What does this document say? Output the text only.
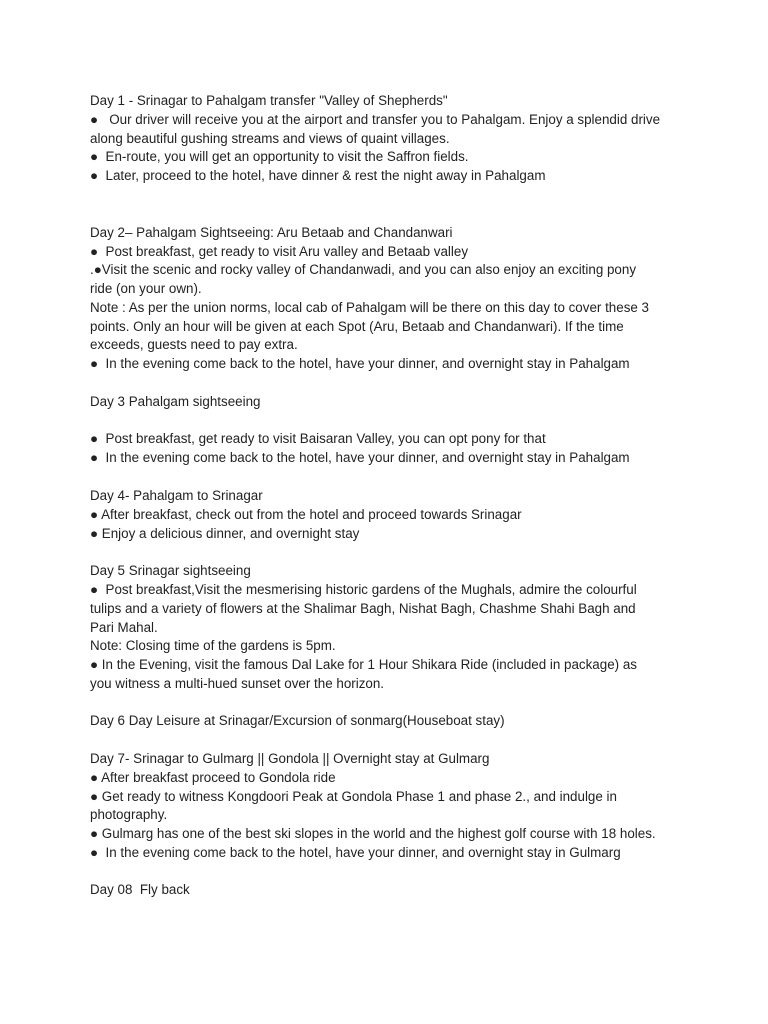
Day 1 - Srinagar to Pahalgam transfer "Valley of Shepherds"
●   Our driver will receive you at the airport and transfer you to Pahalgam. Enjoy a splendid drive
along beautiful gushing streams and views of quaint villages.
●  En-route, you will get an opportunity to visit the Saffron fields.
●  Later, proceed to the hotel, have dinner & rest the night away in Pahalgam
Day 2– Pahalgam Sightseeing: Aru Betaab and Chandanwari
●  Post breakfast, get ready to visit Aru valley and Betaab valley
.●Visit the scenic and rocky valley of Chandanwadi, and you can also enjoy an exciting pony
ride (on your own).
Note : As per the union norms, local cab of Pahalgam will be there on this day to cover these 3
points. Only an hour will be given at each Spot (Aru, Betaab and Chandanwari). If the time
exceeds, guests need to pay extra.
●  In the evening come back to the hotel, have your dinner, and overnight stay in Pahalgam
Day 3 Pahalgam sightseeing
●  Post breakfast, get ready to visit Baisaran Valley, you can opt pony for that
●  In the evening come back to the hotel, have your dinner, and overnight stay in Pahalgam
Day 4- Pahalgam to Srinagar
● After breakfast, check out from the hotel and proceed towards Srinagar
● Enjoy a delicious dinner, and overnight stay
Day 5 Srinagar sightseeing
●  Post breakfast,Visit the mesmerising historic gardens of the Mughals, admire the colourful
tulips and a variety of flowers at the Shalimar Bagh, Nishat Bagh, Chashme Shahi Bagh and
Pari Mahal.
Note: Closing time of the gardens is 5pm.
● In the Evening, visit the famous Dal Lake for 1 Hour Shikara Ride (included in package) as
you witness a multi-hued sunset over the horizon.
Day 6 Day Leisure at Srinagar/Excursion of sonmarg(Houseboat stay)
Day 7- Srinagar to Gulmarg || Gondola || Overnight stay at Gulmarg
● After breakfast proceed to Gondola ride
● Get ready to witness Kongdoori Peak at Gondola Phase 1 and phase 2., and indulge in
photography.
● Gulmarg has one of the best ski slopes in the world and the highest golf course with 18 holes.
●  In the evening come back to the hotel, have your dinner, and overnight stay in Gulmarg
Day 08  Fly back
